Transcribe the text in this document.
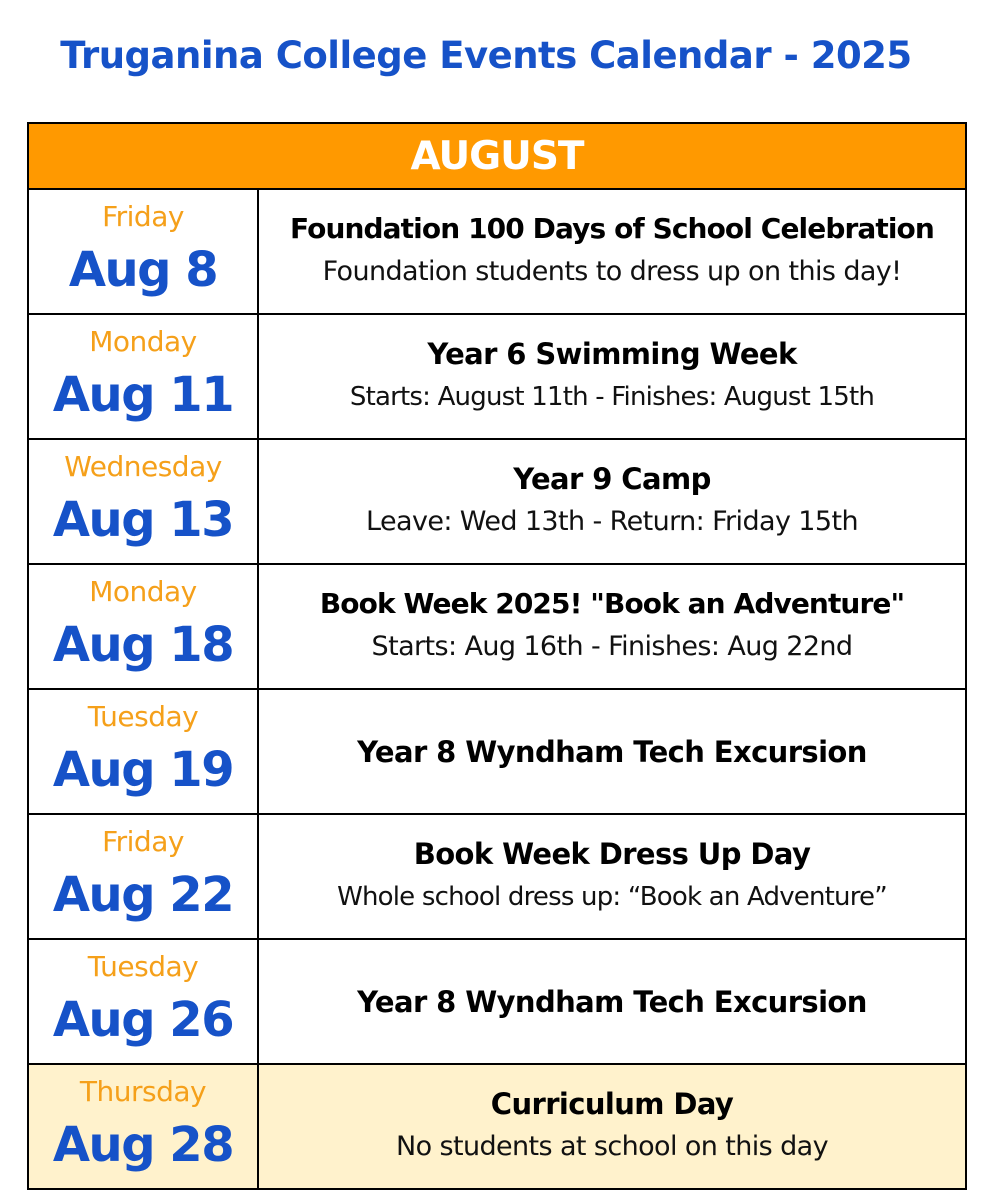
Truganina College Events Calendar - 2025
AUGUST
Friday
Aug 8
Foundation 100 Days of School Celebration
Foundation students to dress up on this day!
Monday
Aug 11
Year 6 Swimming Week
Starts: August 11th - Finishes: August 15th
Wednesday
Aug 13
Year 9 Camp
Leave: Wed 13th - Return: Friday 15th
Monday
Aug 18
Book Week 2025! "Book an Adventure"
Starts: Aug 16th - Finishes: Aug 22nd
Tuesday
Aug 19	Year 8 Wyndham Tech Excursion
Friday
Aug 22
Book Week Dress Up Day
Whole school dress up: “Book an Adventure”
Tuesday
Aug 26	Year 8 Wyndham Tech Excursion
Thursday
Aug 28
Curriculum Day
No students at school on this day
